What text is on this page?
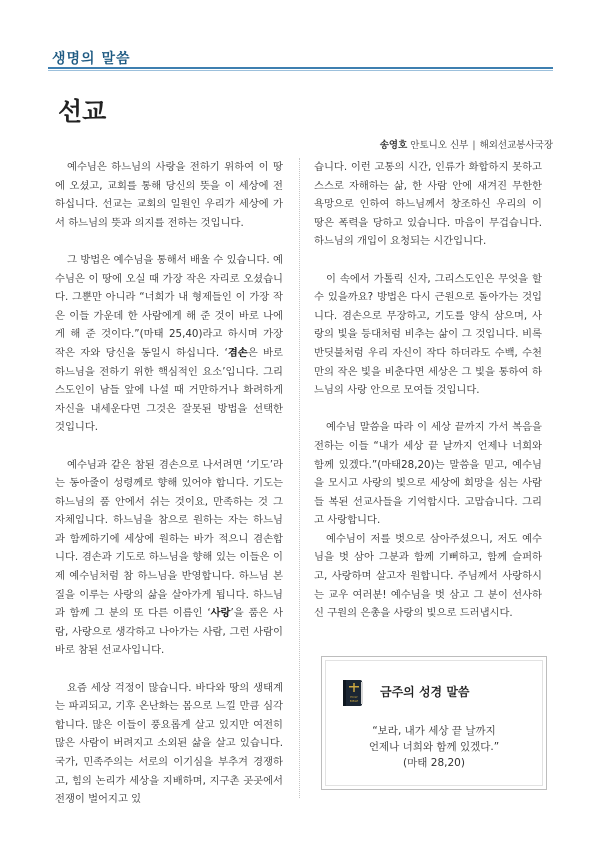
생명의 말씀
선교
송영호 안토니오 신부 | 해외선교봉사국장

예수님은 하느님의 사랑을 전하기 위하여 이 땅에 오셨고, 교회를 통해 당신의 뜻을 이 세상에 전하십니다. 선교는 교회의 일원인 우리가 세상에 가서 하느님의 뜻과 의지를 전하는 것입니다.

그 방법은 예수님을 통해서 배울 수 있습니다. 예수님은 이 땅에 오실 때 가장 작은 자리로 오셨습니다. 그뿐만 아니라 “너희가 내 형제들인 이 가장 작은 이들 가운데 한 사람에게 해 준 것이 바로 나에게 해 준 것이다.”(마태 25,40)라고 하시며 가장 작은 자와 당신을 동일시 하십니다. ‘겸손은 바로 하느님을 전하기 위한 핵심적인 요소’입니다. 그리스도인이 남들 앞에 나설 때 거만하거나 화려하게 자신을 내세운다면 그것은 잘못된 방법을 선택한 것입니다.

예수님과 같은 참된 겸손으로 나서려면 ‘기도’라는 동아줄이 성령께로 향해 있어야 합니다. 기도는 하느님의 품 안에서 쉬는 것이요, 만족하는 것 그 자체입니다. 하느님을 참으로 원하는 자는 하느님과 함께하기에 세상에 원하는 바가 적으니 겸손합니다. 겸손과 기도로 하느님을 향해 있는 이들은 이제 예수님처럼 참 하느님을 반영합니다. 하느님 본질을 이루는 사랑의 삶을 살아가게 됩니다. 하느님과 함께 그 분의 또 다른 이름인 ‘사랑’을 품은 사람, 사랑으로 생각하고 나아가는 사람, 그런 사람이 바로 참된 선교사입니다.

요즘 세상 걱정이 많습니다. 바다와 땅의 생태계는 파괴되고, 기후 온난화는 몸으로 느낄 만큼 심각합니다. 많은 이들이 풍요롭게 살고 있지만 여전히 많은 사람이 버려지고 소외된 삶을 살고 있습니다. 국가, 민족주의는 서로의 이기심을 부추겨 경쟁하고, 힘의 논리가 세상을 지배하며, 지구촌 곳곳에서 전쟁이 벌어지고 있

습니다. 이런 고통의 시간, 인류가 화합하지 못하고 스스로 자해하는 삶, 한 사람 안에 새겨진 무한한 욕망으로 인하여 하느님께서 창조하신 우리의 이 땅은 폭력을 당하고 있습니다. 마음이 무겁습니다. 하느님의 개입이 요청되는 시간입니다.

이 속에서 가톨릭 신자, 그리스도인은 무엇을 할 수 있을까요? 방법은 다시 근원으로 돌아가는 것입니다. 겸손으로 무장하고, 기도를 양식 삼으며, 사랑의 빛을 등대처럼 비추는 삶이 그 것입니다. 비록 반딧불처럼 우리 자신이 작다 하더라도 수백, 수천만의 작은 빛을 비춘다면 세상은 그 빛을 통하여 하느님의 사랑 안으로 모여들 것입니다.

예수님 말씀을 따라 이 세상 끝까지 가서 복음을 전하는 이들 “내가 세상 끝 날까지 언제나 너희와 함께 있겠다.”(마태28,20)는 말씀을 믿고, 예수님을 모시고 사랑의 빛으로 세상에 희망을 심는 사람들 복된 선교사들을 기억합시다. 고맙습니다. 그리고 사랑합니다.

예수님이 저를 벗으로 삼아주셨으니, 저도 예수님을 벗 삼아 그분과 함께 기뻐하고, 함께 슬퍼하고, 사랑하며 살고자 원합니다. 주님께서 사랑하시는 교우 여러분! 예수님을 벗 삼고 그 분이 선사하신 구원의 은총을 사랑의 빛으로 드러냅시다.

HOLY
BIBLE
금주의 성경 말씀
“보라, 내가 세상 끝 날까지
언제나 너희와 함께 있겠다.”
(마태 28,20)
